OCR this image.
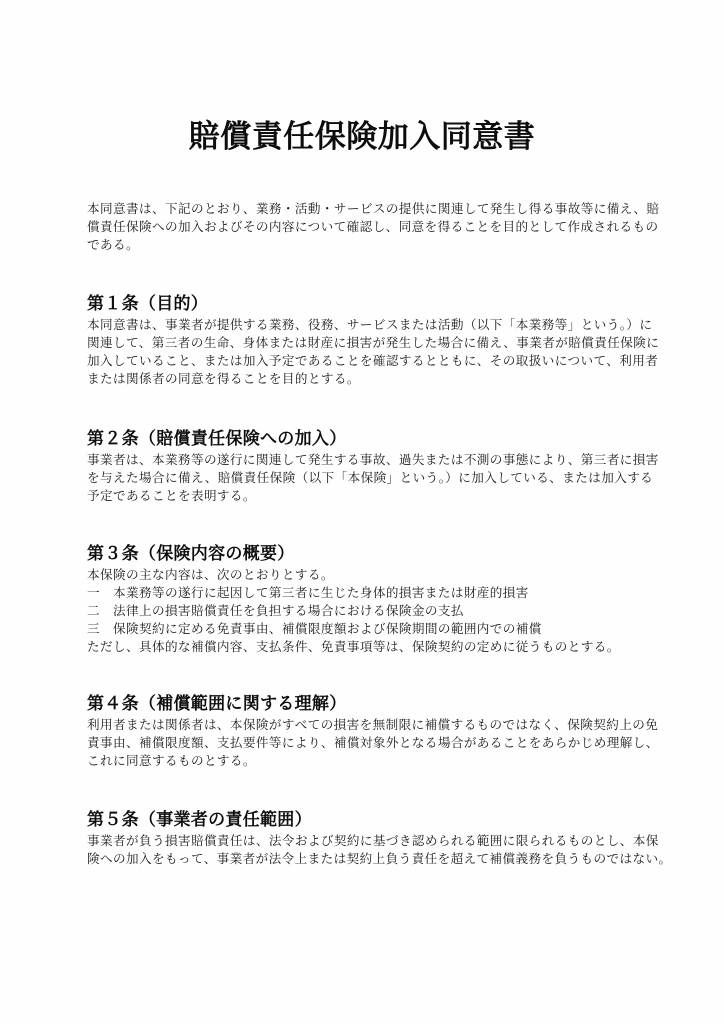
賠償責任保険加入同意書
本同意書は、下記のとおり、業務・活動・サービスの提供に関連して発生し得る事故等に備え、賠
償責任保険への加入およびその内容について確認し、同意を得ることを目的として作成されるもの
である。
第１条（目的）
本同意書は、事業者が提供する業務、役務、サービスまたは活動（以下「本業務等」という。）に
関連して、第三者の生命、身体または財産に損害が発生した場合に備え、事業者が賠償責任保険に
加入していること、または加入予定であることを確認するとともに、その取扱いについて、利用者
または関係者の同意を得ることを目的とする。
第２条（賠償責任保険への加入）
事業者は、本業務等の遂行に関連して発生する事故、過失または不測の事態により、第三者に損害
を与えた場合に備え、賠償責任保険（以下「本保険」という。）に加入している、または加入する
予定であることを表明する。
第３条（保険内容の概要）
本保険の主な内容は、次のとおりとする。
一　本業務等の遂行に起因して第三者に生じた身体的損害または財産的損害
二　法律上の損害賠償責任を負担する場合における保険金の支払
三　保険契約に定める免責事由、補償限度額および保険期間の範囲内での補償
ただし、具体的な補償内容、支払条件、免責事項等は、保険契約の定めに従うものとする。
第４条（補償範囲に関する理解）
利用者または関係者は、本保険がすべての損害を無制限に補償するものではなく、保険契約上の免
責事由、補償限度額、支払要件等により、補償対象外となる場合があることをあらかじめ理解し、
これに同意するものとする。
第５条（事業者の責任範囲）
事業者が負う損害賠償責任は、法令および契約に基づき認められる範囲に限られるものとし、本保
険への加入をもって、事業者が法令上または契約上負う責任を超えて補償義務を負うものではない。
